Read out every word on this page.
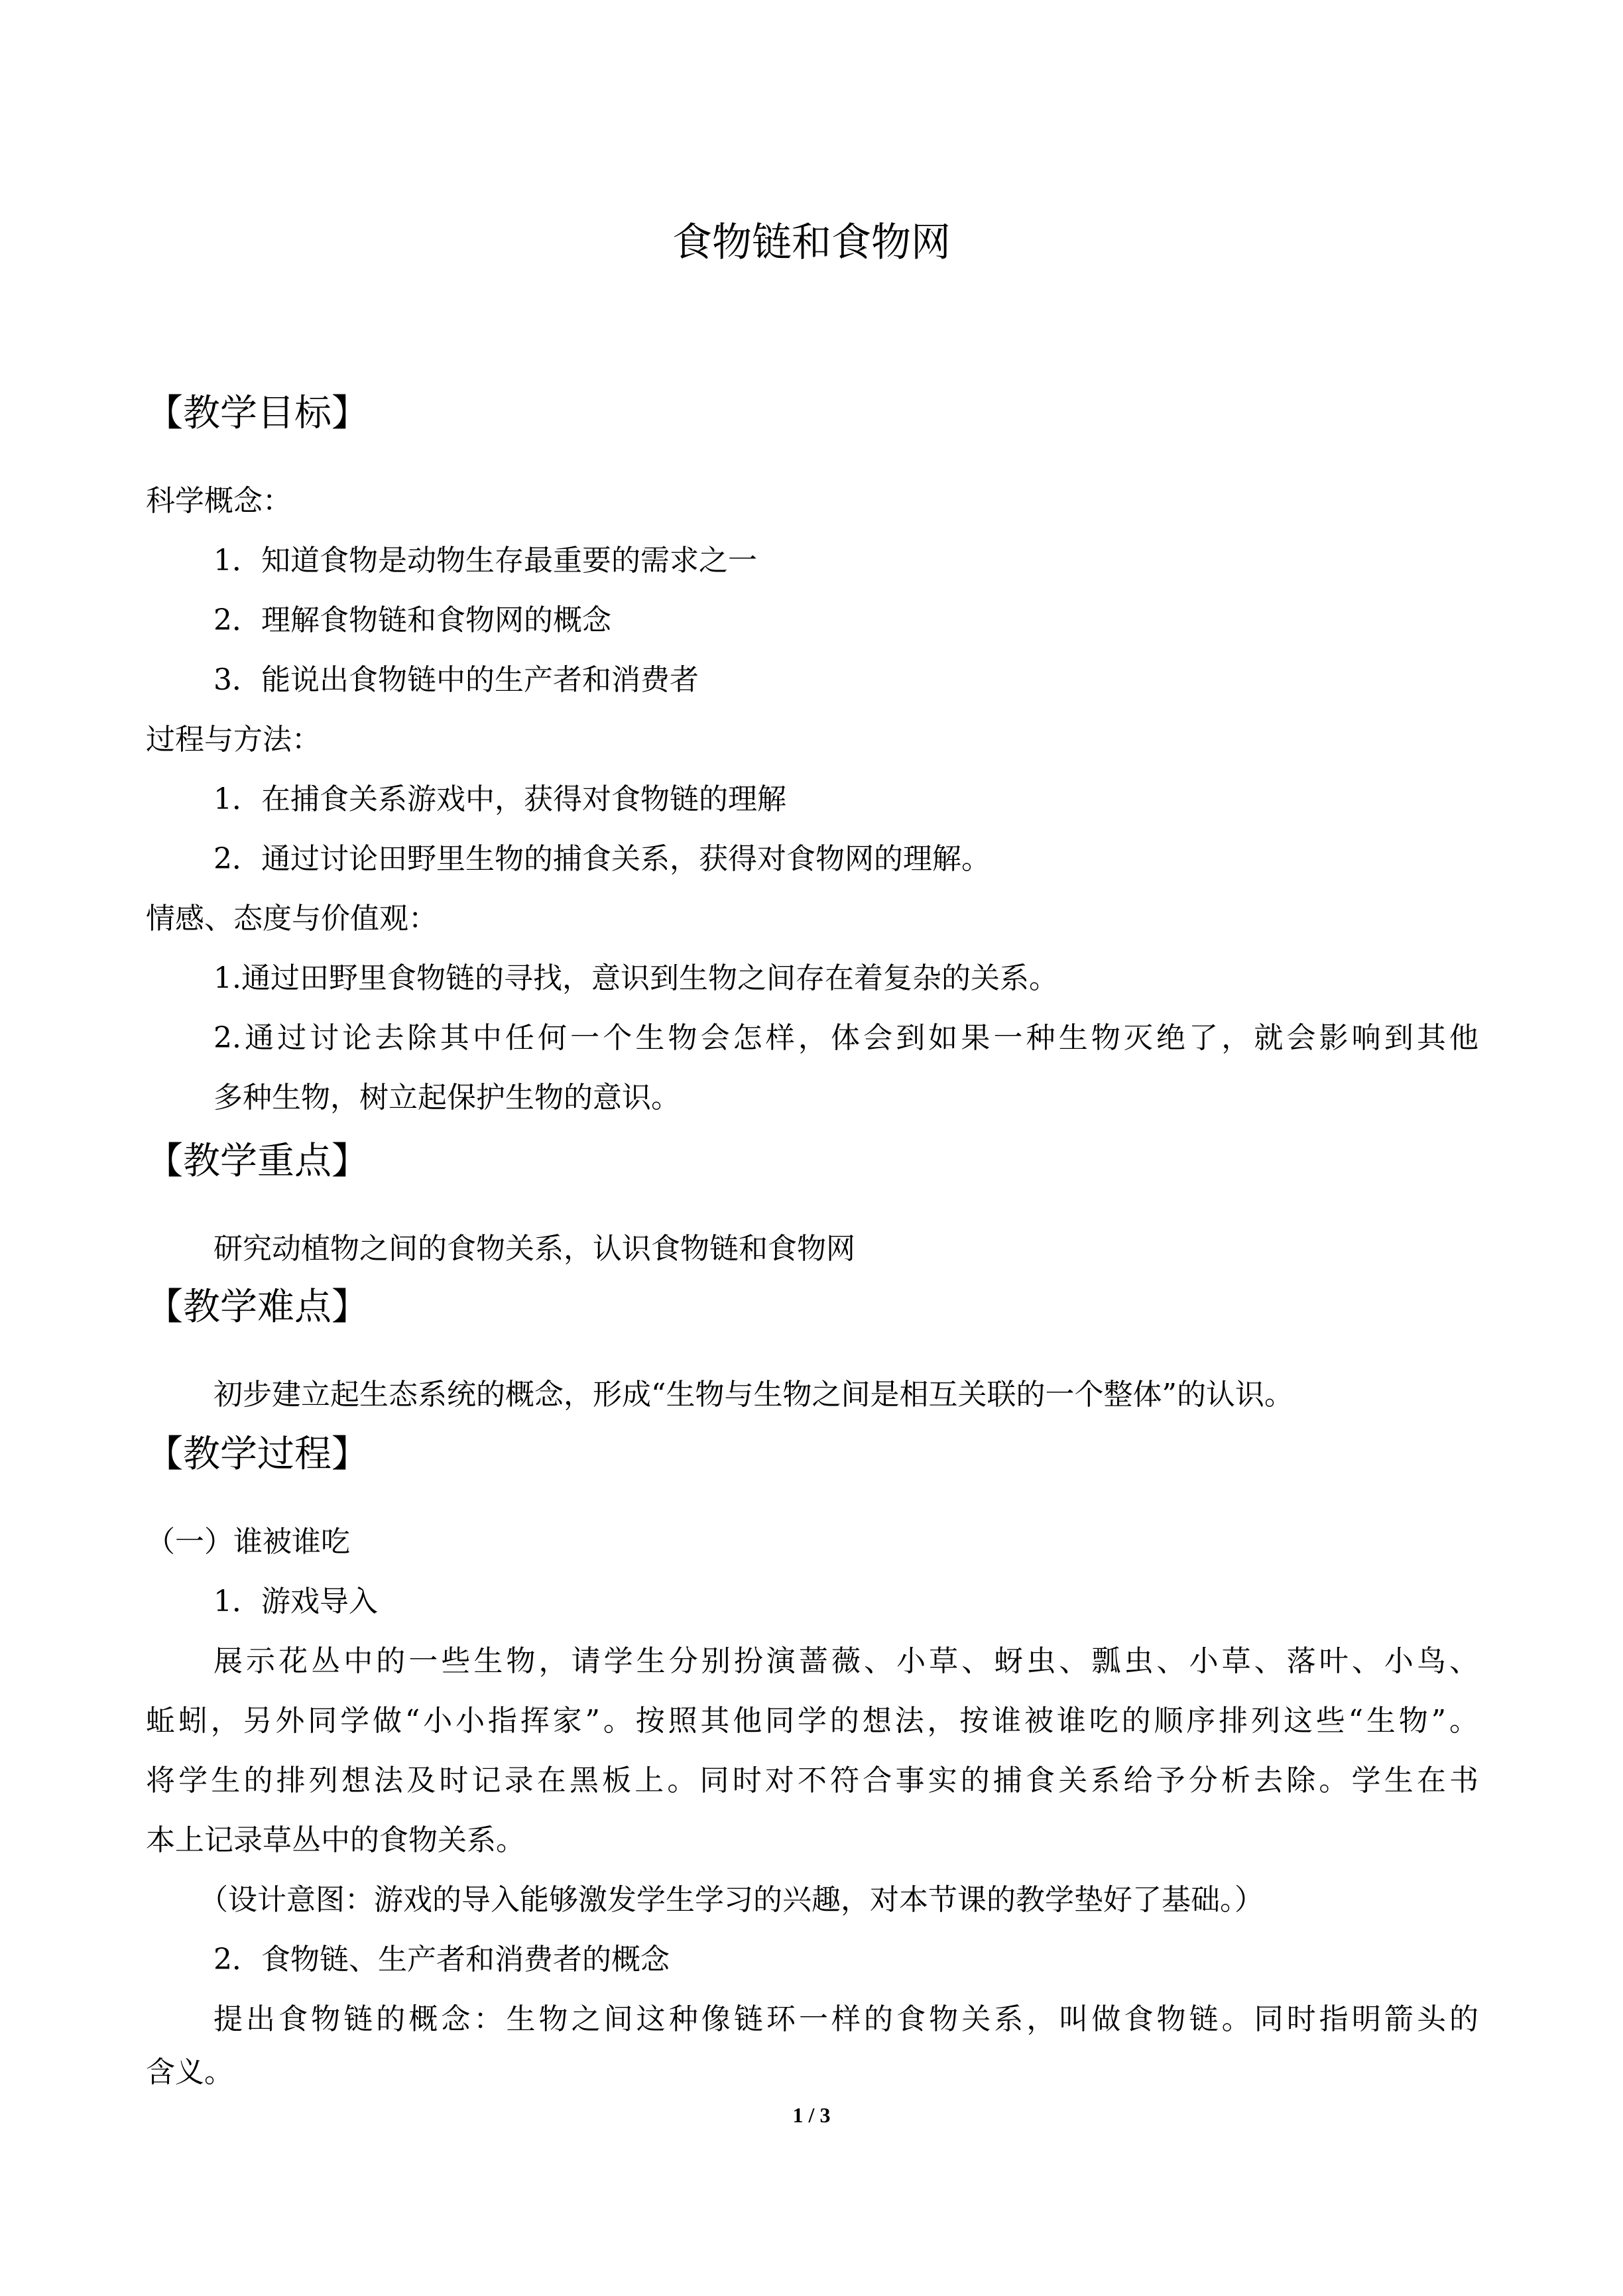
食物链和食物网
【教学目标】
科学概念：
1．知道食物是动物生存最重要的需求之一
2．理解食物链和食物网的概念
3．能说出食物链中的生产者和消费者
过程与方法：
1．在捕食关系游戏中，获得对食物链的理解
2．通过讨论田野里生物的捕食关系，获得对食物网的理解。
情感、态度与价值观：
1.通过田野里食物链的寻找，意识到生物之间存在着复杂的关系。
2.通过讨论去除其中任何一个生物会怎样，体会到如果一种生物灭绝了，就会影响到其他
多种生物，树立起保护生物的意识。
【教学重点】
研究动植物之间的食物关系，认识食物链和食物网
【教学难点】
初步建立起生态系统的概念，形成“生物与生物之间是相互关联的一个整体”的认识。
【教学过程】
（一）谁被谁吃
1．游戏导入
展示花丛中的一些生物，请学生分别扮演蔷薇、小草、蚜虫、瓢虫、小草、落叶、小鸟、
蚯蚓，另外同学做“小小指挥家”。按照其他同学的想法，按谁被谁吃的顺序排列这些“生物”。
将学生的排列想法及时记录在黑板上。同时对不符合事实的捕食关系给予分析去除。学生在书
本上记录草丛中的食物关系。
（设计意图：游戏的导入能够激发学生学习的兴趣，对本节课的教学垫好了基础。）
2．食物链、生产者和消费者的概念
提出食物链的概念：生物之间这种像链环一样的食物关系，叫做食物链。同时指明箭头的
含义。
1 / 3
